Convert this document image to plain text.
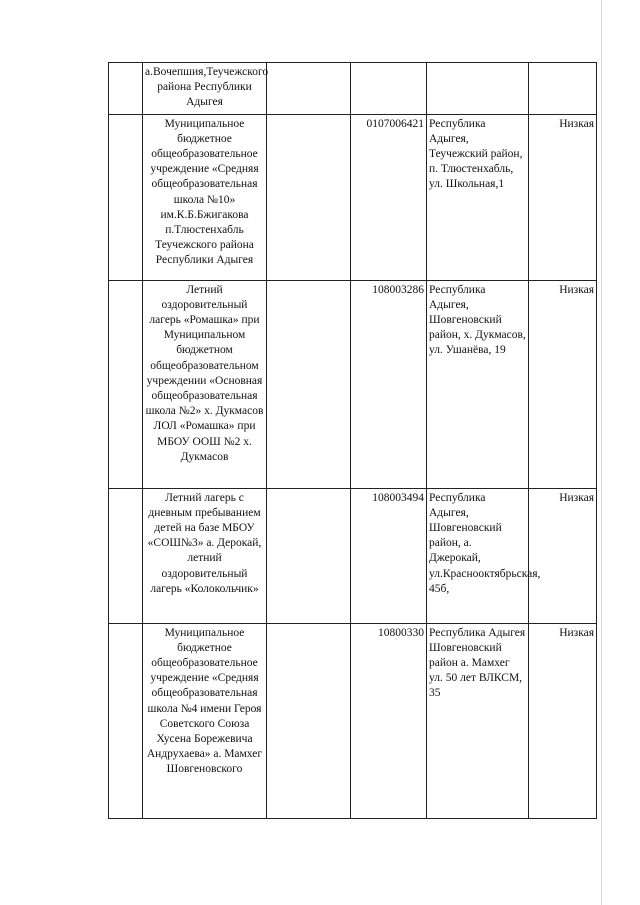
	а.Вочепшия,Теучежского района Республики Адыгея				
	Муниципальное бюджетное общеобразовательное учреждение «Средняя общеобразовательная школа №10» им.К.Б.Бжигакова п.Тлюстенхабль Теучежского района Республики Адыгея		0107006421	Республика Адыгея, Теучежский район, п. Тлюстенхабль, ул. Школьная,1	Низкая
	Летний оздоровительный лагерь «Ромашка» при Муниципальном бюджетном общеобразовательном учреждении «Основная общеобразовательная школа №2» х. Дукмасов ЛОЛ «Ромашка» при МБОУ ООШ №2 х. Дукмасов		108003286	Республика Адыгея, Шовгеновский район, х. Дукмасов, ул. Ушанёва, 19	Низкая
	Летний лагерь с дневным пребыванием детей на базе МБОУ «СОШ№3» а. Дерокай, летний оздоровительный лагерь «Колокольчик»		108003494	Республика Адыгея, Шовгеновский район, а. Джерокай, ул.Краснооктябрьская, 45б,	Низкая
	Муниципальное бюджетное общеобразовательное учреждение «Средняя общеобразовательная школа №4 имени Героя Советского Союза Хусена Борежевича Андрухаева» а. Мамхег Шовгеновского		10800330	Республика Адыгея Шовгеновский район а. Мамхег ул. 50 лет ВЛКСМ, 35	Низкая
